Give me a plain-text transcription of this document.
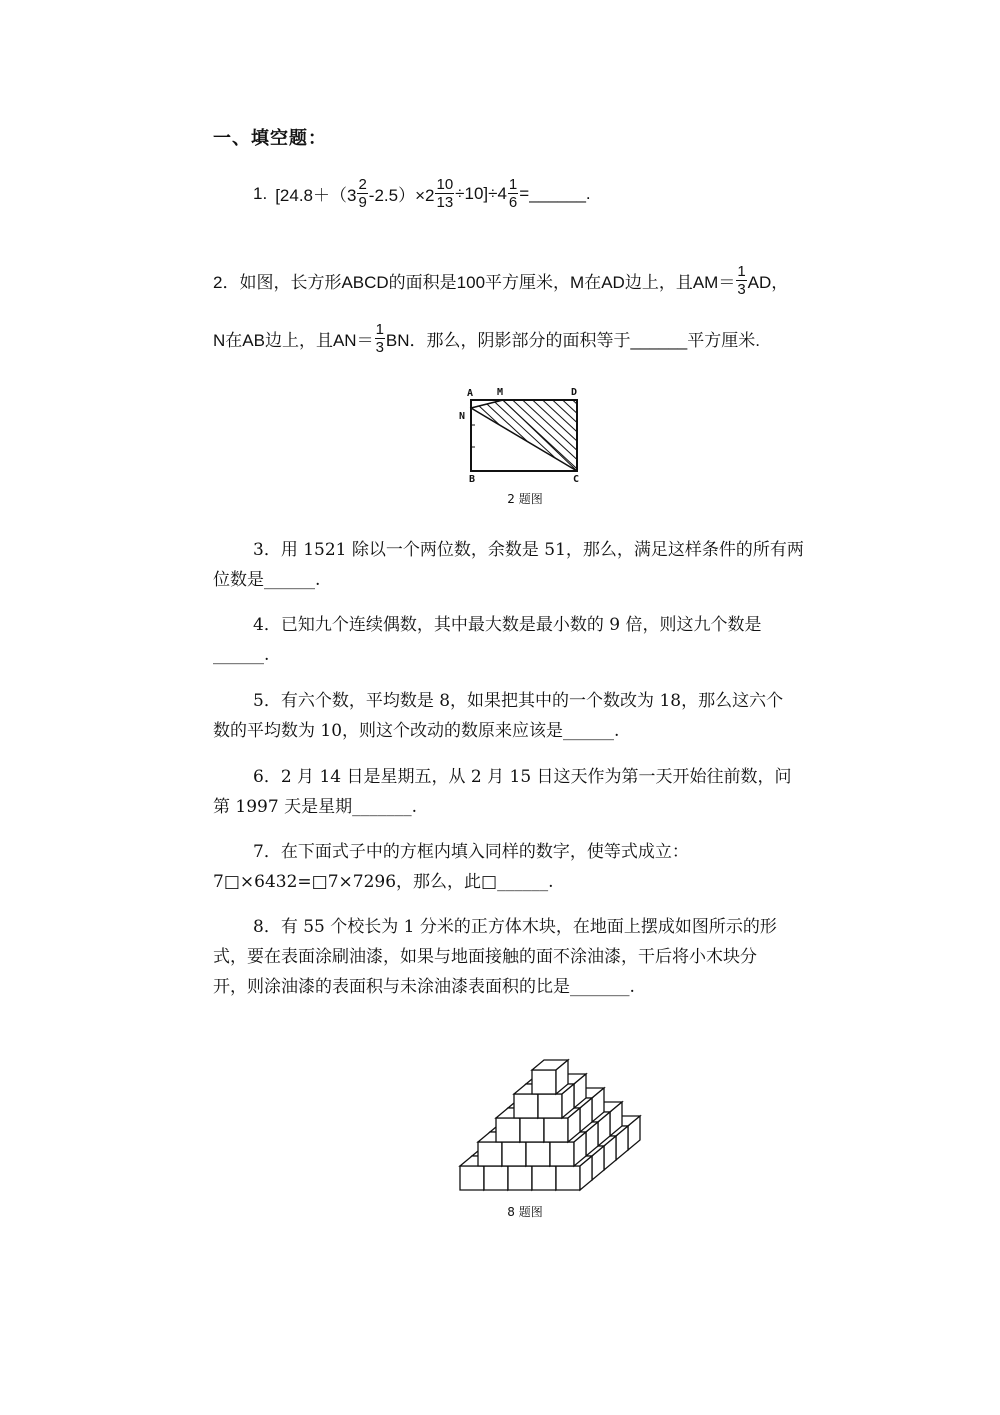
一、填空题：
1. $[24.8+(3 \frac{2}{9} -2.5)\times 2 \frac{10}{13} \div 10]\div 4 \frac{1}{6}$ =______.
2．如图，长方形ABCD的面积是100平方厘米，M在AD边上，且$AM= \frac{1}{3}$ AD，
N在AB边上，且$AN= \frac{1}{3}$ BN．那么，阴影部分的面积等于______平方厘米.
A M	D
N
B	C
2 题图
3．用 1521 除以一个两位数，余数是 51，那么，满足这样条件的所有两
位数是______.
4．已知九个连续偶数，其中最大数是最小数的 9 倍，则这九个数是
______.
5．有六个数，平均数是 8，如果把其中的一个数改为 18，那么这六个
数的平均数为 10，则这个改动的数原来应该是______.
6．2 月 14 日是星期五，从 2 月 15 日这天作为第一天开始往前数，问
第 1997 天是星期_______.
7．在下面式子中的方框内填入同样的数字，使等式成立：
7□×6432=□7×7296，那么，此□______.
8．有 55 个校长为 1 分米的正方体木块，在地面上摆成如图所示的形
式，要在表面涂刷油漆，如果与地面接触的面不涂油漆，干后将小木块分
开，则涂油漆的表面积与未涂油漆表面积的比是_______.
8 题图
